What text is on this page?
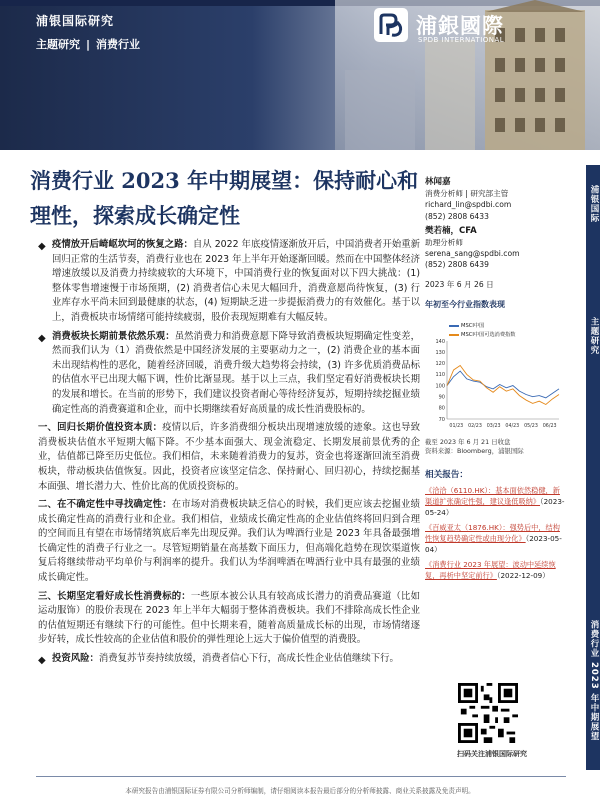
浦银国际研究
主题研究 | 消费行业
浦銀國際
SPDB INTERNATIONAL
消费行业 2023 年中期展望：保持耐心和理性，探索成长确定性

◆ 疫情放开后崎岖坎坷的恢复之路：自从 2022 年底疫情逐渐放开后，中国消费者开始重新回归正常的生活节奏，消费行业也在 2023 年上半年开始逐渐回暖。然而在中国整体经济增速放缓以及消费力持续疲软的大环境下，中国消费行业的恢复面对以下四大挑战：(1) 整体零售增速慢于市场预期，(2) 消费者信心未见大幅回升，消费意愿尚待恢复，(3) 行业库存水平尚未回到最健康的状态，(4) 短期缺乏进一步提振消费力的有效催化。基于以上，消费板块市场情绪可能持续疲弱，股价表现短期难有大幅反转。

◆ 消费板块长期前景依然乐观：虽然消费力和消费意愿下降导致消费板块短期确定性变差，然而我们认为（1）消费依然是中国经济发展的主要驱动力之一，(2) 消费企业的基本面未出现结构性的恶化，随着经济回暖，消费升级大趋势将会持续，(3) 许多优质消费品标的估值水平已出现大幅下调，性价比渐显现。基于以上三点，我们坚定看好消费板块长期的发展和增长。在当前的形势下，我们建议投资者耐心等待经济复苏，短期持续挖掘业绩确定性高的消费赛道和企业，而中长期继续看好高质量的成长性消费股标的。

一、回归长期价值投资本质：疫情以后，许多消费细分板块出现增速放缓的迹象。这也导致消费板块估值水平短期大幅下降。不少基本面强大、现金流稳定、长期发展前景优秀的企业，估值都已降至历史低位。我们相信，未来随着消费力的复苏，资金也将逐渐回流至消费板块，带动板块估值恢复。因此，投资者应该坚定信念、保持耐心、回归初心，持续挖掘基本面强、增长潜力大、性价比高的优质投资标的。

二、在不确定性中寻找确定性：在市场对消费板块缺乏信心的时候，我们更应该去挖掘业绩成长确定性高的消费行业和企业。我们相信，业绩成长确定性高的企业估值终将回归到合理的空间而且有望在市场情绪筑底后率先出现反弹。我们认为啤酒行业是 2023 年具备最强增长确定性的消费子行业之一。尽管短期销量在高基数下面压力，但高端化趋势在现饮渠道恢复后将继续带动平均单价与利润率的提升。我们认为华润啤酒在啤酒行业中具有最强的业绩成长确定性。

三、长期坚定看好成长性消费标的：一些原本被公认具有较高成长潜力的消费品赛道（比如运动服饰）的股价表现在 2023 年上半年大幅弱于整体消费板块。我们不排除高成长性企业的估值短期还有继续下行的可能性。但中长期来看，随着高质量成长标的出现，市场情绪逐步好转，成长性较高的企业估值和股价的弹性理论上远大于偏价值型的消费股。

◆ 投资风险：消费复苏节奏持续放缓，消费者信心下行，高成长性企业估值继续下行。

林闻嘉
消费分析师 | 研究部主管
richard_lin@spdbi.com
(852) 2808 6433
樊若楠，CFA
助理分析师
serena_sang@spdbi.com
(852) 2808 6439
2023 年 6 月 26 日
年初至今行业指数表现
70
80
90
100
110
120
130
140
01/23 02/23 03/23 04/23 05/23 06/23
MSCI中国
MSCI中国可选消费指数
截至 2023 年 6 月 21 日收盘
资料来源：Bloomberg，浦银国际
相关报告：
《洽洽（6110.HK）：基本面依然稳健，新渠道扩张确定性强，建议逢低吸纳》（2023-05-24）
《百威亚太（1876.HK）：强势后中，结构性恢复趋势确定性或由现分化》（2023-05-04）
《消费行业 2023 年展望：波动中延续恢复，再析中坚定前行》（2022-12-09）
扫码关注浦银国际研究
浦银国际
主题研究
消费行业 2023 年中期展望
本研究报告由浦银国际证券有限公司分析师编制，请仔细阅读本报告最后部分的分析师披露、商业关系披露及免责声明。
